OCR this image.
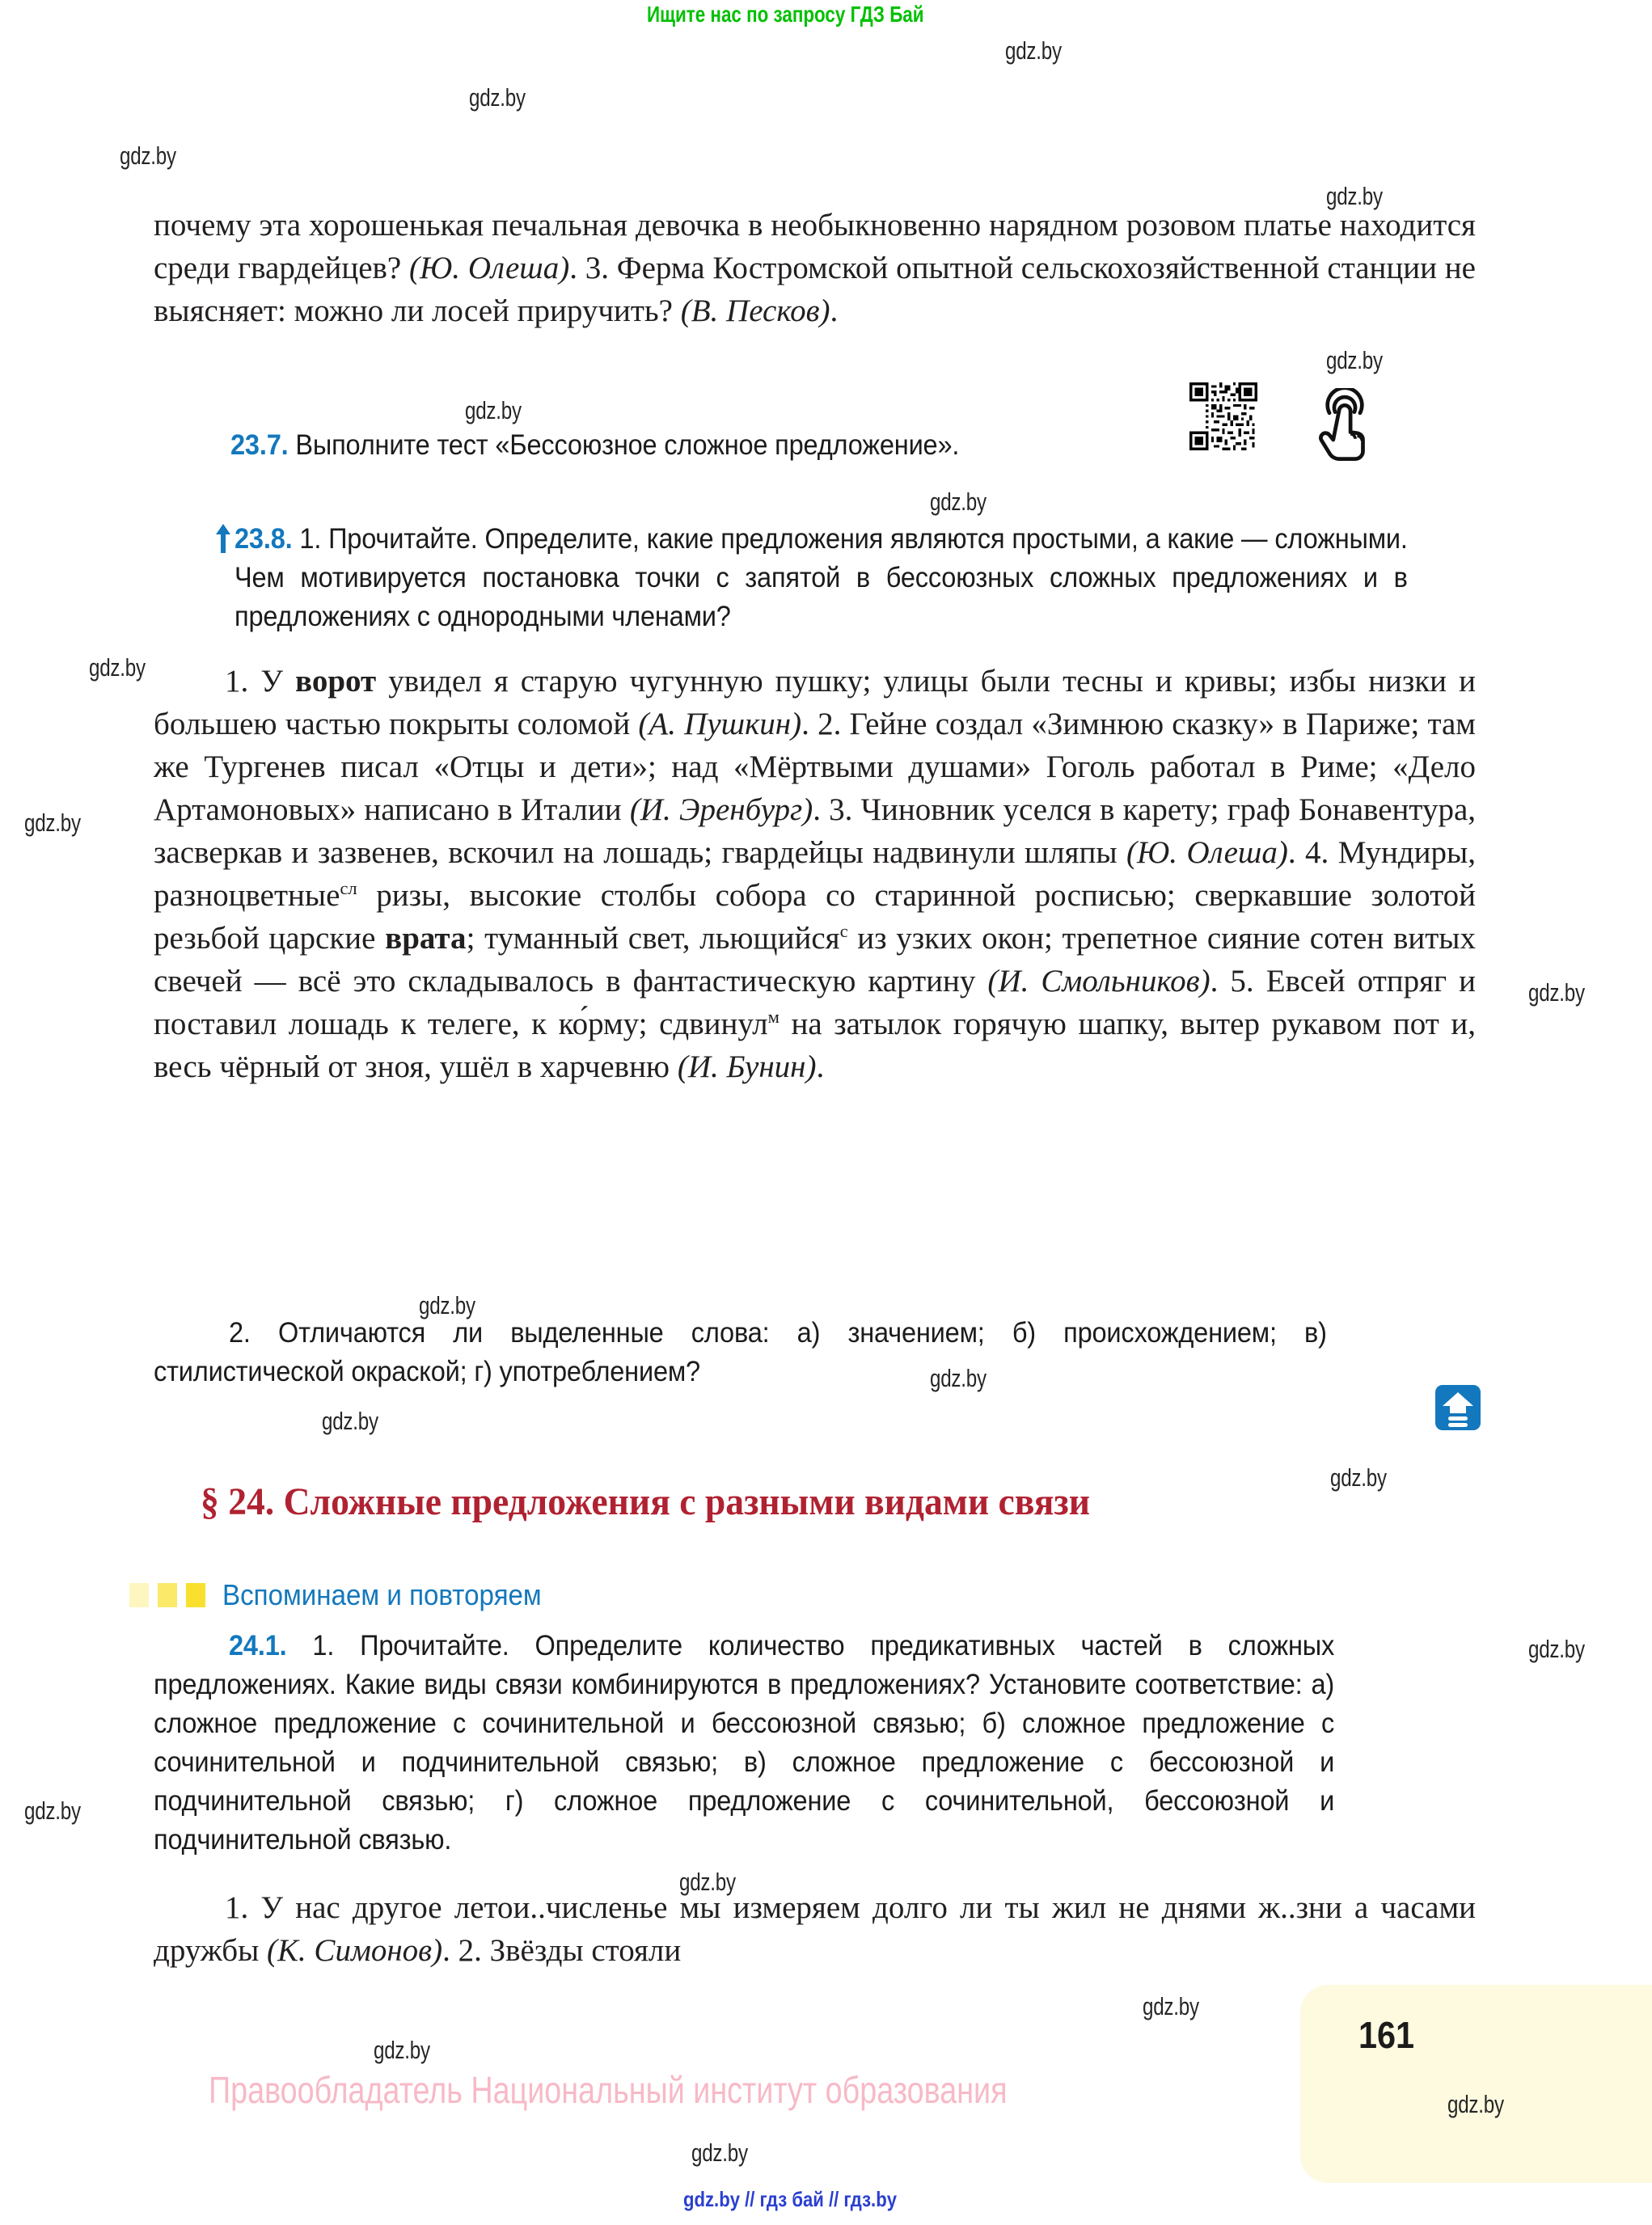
Ищите нас по запросу ГДЗ Бай
gdz.by
gdz.by
gdz.by
gdz.by
почему эта хорошенькая печальная девочка в необыкновенно нарядном розовом платье находится среди гвардейцев? (Ю. Олеша). 3. Ферма Костромской опытной сельскохозяйственной станции не выясняет: можно ли лосей приручить? (В. Песков).
gdz.by
gdz.by
23.7. Выполните тест «Бессоюзное сложное предложение».
gdz.by
23.8. 1. Прочитайте. Определите, какие предложения являются простыми, а какие — сложными. Чем мотивируется постановка точки с запятой в бессоюзных сложных предложениях и в предложениях с однородными членами?
gdz.by
gdz.by
gdz.by
1. У ворот увидел я старую чугунную пушку; улицы были тесны и кривы; избы низки и большею частью покрыты соломой (А. Пушкин). 2. Гейне создал «Зимнюю сказку» в Париже; там же Тургенев писал «Отцы и дети»; над «Мёртвыми душами» Гоголь работал в Риме; «Дело Артамоновых» написано в Италии (И. Эренбург). 3. Чиновник уселся в карету; граф Бонавентура, засверкав и зазвенев, вскочил на лошадь; гвардейцы надвинули шляпы (Ю. Олеша). 4. Мундиры, разноцветные$^{сл}$ ризы, высокие столбы собора со старинной росписью; сверкавшие золотой резьбой царские врата; туманный свет, льющийся$^с$ из узких окон; трепетное сияние сотен витых свечей — всё это складывалось в фантастическую картину (И. Смольников). 5. Евсей отпряг и поставил лошадь к телеге, к ко́рму; сдвинул$^м$ на затылок горячую шапку, вытер рукавом пот и, весь чёрный от зноя, ушёл в харчевню (И. Бунин).
gdz.by
2. Отличаются ли выделенные слова: а) значением; б) происхождением; в) стилистической окраской; г) употреблением?	gdz.by
gdz.by
gdz.by
§ 24. Сложные предложения с разными видами связи
Вспоминаем и повторяем
24.1. 1. Прочитайте. Определите количество предикативных частей в сложных предложениях. Какие виды связи комбинируются в предложениях? Установите соответствие: а) сложное предложение с сочинительной и бессоюзной связью; б) сложное предложение с сочинительной и подчинительной связью; в) сложное предложение с бессоюзной и подчинительной связью; г) сложное предложение с сочинительной, бессоюзной и подчинительной связью.
gdz.by
gdz.by
gdz.by
1. У нас другое летои..численье мы измеряем долго ли ты жил не днями ж..зни а часами дружбы (К. Симонов). 2. Звёзды стояли
gdz.by
161
gdz.by
Правообладатель Национальный институт образования
gdz.by
gdz.by
gdz.by // гдз бай // гдз.by
